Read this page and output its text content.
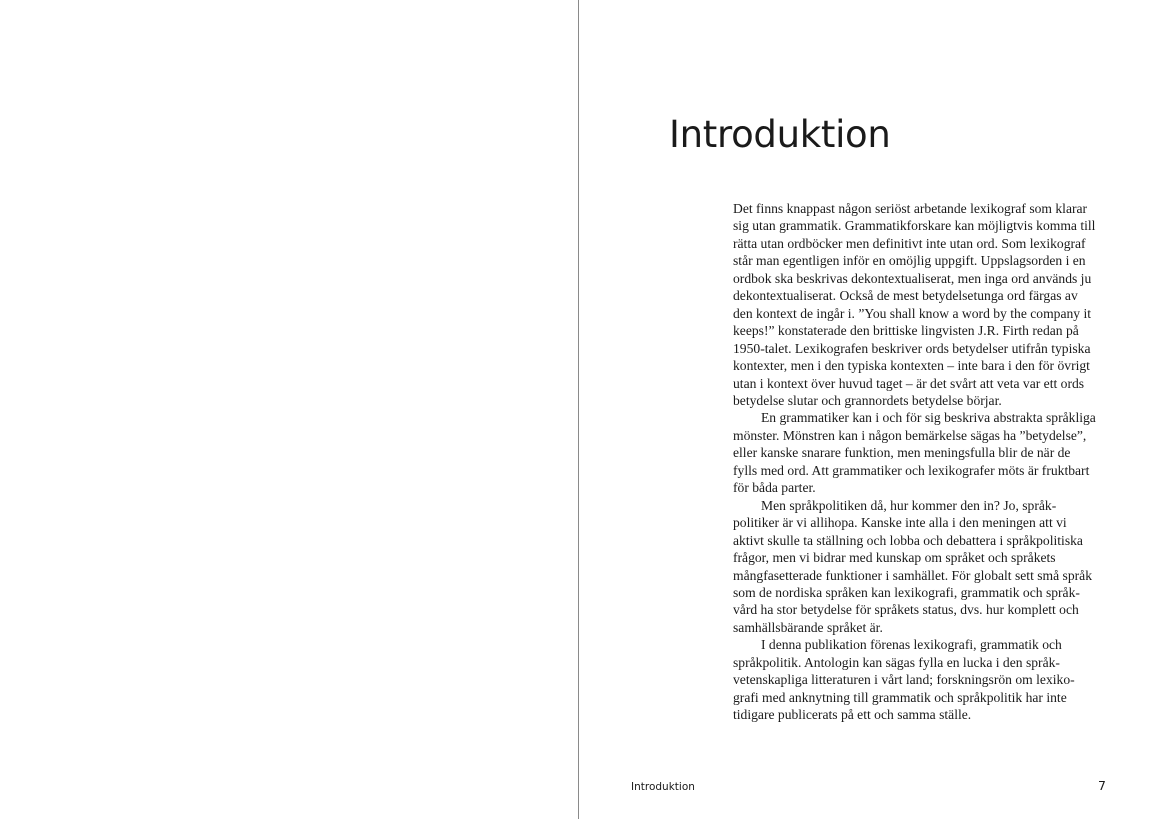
Introduktion

Det finns knappast någon seriöst arbetande lexikograf som klarar
sig utan grammatik. Grammatikforskare kan möjligtvis komma till
rätta utan ordböcker men definitivt inte utan ord. Som lexikograf
står man egentligen inför en omöjlig uppgift. Uppslagsorden i en
ordbok ska beskrivas dekontextualiserat, men inga ord används ju
dekontextualiserat. Också de mest betydelsetunga ord färgas av
den kontext de ingår i. ”You shall know a word by the company it
keeps!” konstaterade den brittiske lingvisten J.R. Firth redan på
1950-talet. Lexikografen beskriver ords betydelser utifrån typiska
kontexter, men i den typiska kontexten – inte bara i den för övrigt
utan i kontext över huvud taget – är det svårt att veta var ett ords
betydelse slutar och grannordets betydelse börjar.

En grammatiker kan i och för sig beskriva abstrakta språkliga
mönster. Mönstren kan i någon bemärkelse sägas ha ”betydelse”,
eller kanske snarare funktion, men meningsfulla blir de när de
fylls med ord. Att grammatiker och lexikografer möts är fruktbart
för båda parter.

Men språkpolitiken då, hur kommer den in? Jo, språk-
politiker är vi allihopa. Kanske inte alla i den meningen att vi
aktivt skulle ta ställning och lobba och debattera i språkpolitiska
frågor, men vi bidrar med kunskap om språket och språkets
mångfasetterade funktioner i samhället. För globalt sett små språk
som de nordiska språken kan lexikografi, grammatik och språk-
vård ha stor betydelse för språkets status, dvs. hur komplett och
samhällsbärande språket är.

I denna publikation förenas lexikografi, grammatik och
språkpolitik. Antologin kan sägas fylla en lucka i den språk-
vetenskapliga litteraturen i vårt land; forskningsrön om lexiko-
grafi med anknytning till grammatik och språkpolitik har inte
tidigare publicerats på ett och samma ställe.

Introduktion	7
